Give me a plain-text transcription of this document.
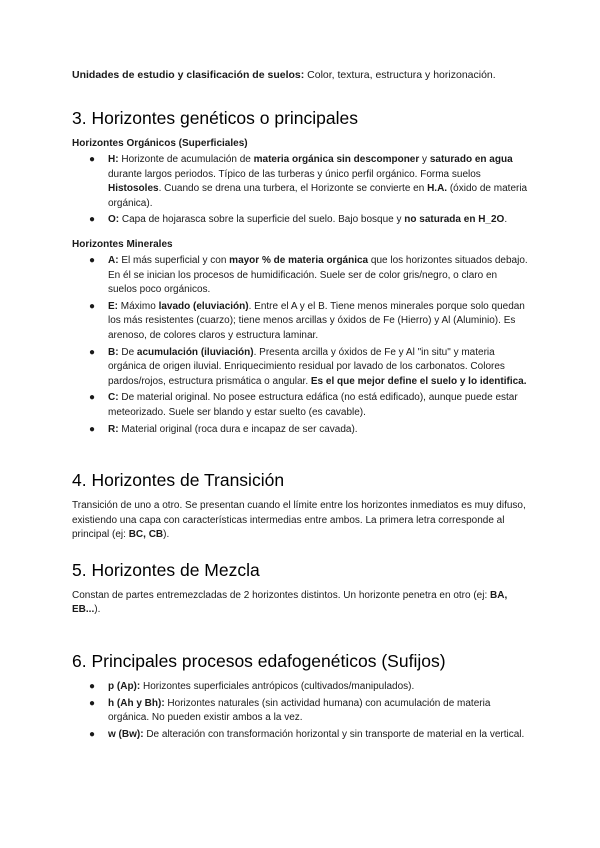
Unidades de estudio y clasificación de suelos: Color, textura, estructura y horizonación.

3. Horizontes genéticos o principales
Horizontes Orgánicos (Superficiales)
● H: Horizonte de acumulación de materia orgánica sin descomponer y saturado en agua durante largos periodos. Típico de las turberas y único perfil orgánico. Forma suelos Histosoles. Cuando se drena una turbera, el Horizonte se convierte en H.A. (óxido de materia orgánica).
● O: Capa de hojarasca sobre la superficie del suelo. Bajo bosque y no saturada en H_2O.
Horizontes Minerales
● A: El más superficial y con mayor % de materia orgánica que los horizontes situados debajo. En él se inician los procesos de humidificación. Suele ser de color gris/negro, o claro en suelos poco orgánicos.
● E: Máximo lavado (eluviación). Entre el A y el B. Tiene menos minerales porque solo quedan los más resistentes (cuarzo); tiene menos arcillas y óxidos de Fe (Hierro) y Al (Aluminio). Es arenoso, de colores claros y estructura laminar.
● B: De acumulación (iluviación). Presenta arcilla y óxidos de Fe y Al "in situ" y materia orgánica de origen iluvial. Enriquecimiento residual por lavado de los carbonatos. Colores pardos/rojos, estructura prismática o angular. Es el que mejor define el suelo y lo identifica.
● C: De material original. No posee estructura edáfica (no está edificado), aunque puede estar meteorizado. Suele ser blando y estar suelto (es cavable).
● R: Material original (roca dura e incapaz de ser cavada).
4. Horizontes de Transición

Transición de uno a otro. Se presentan cuando el límite entre los horizontes inmediatos es muy difuso, existiendo una capa con características intermedias entre ambos. La primera letra corresponde al principal (ej: BC, CB).

5. Horizontes de Mezcla

Constan de partes entremezcladas de 2 horizontes distintos. Un horizonte penetra en otro (ej: BA, EB...).

6. Principales procesos edafogenéticos (Sufijos)
● p (Ap): Horizontes superficiales antrópicos (cultivados/manipulados).
● h (Ah y Bh): Horizontes naturales (sin actividad humana) con acumulación de materia orgánica. No pueden existir ambos a la vez.
● w (Bw): De alteración con transformación horizontal y sin transporte de material en la vertical.
